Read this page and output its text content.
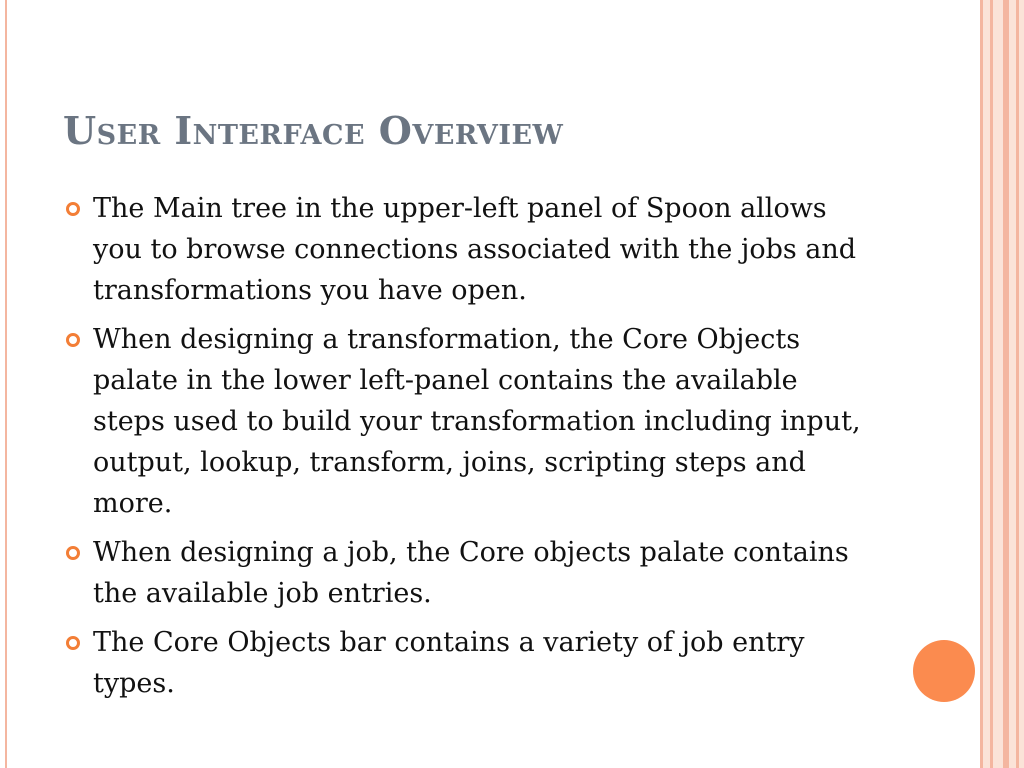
User Interface Overview
The Main tree in the upper-left panel of Spoon allows you to browse connections associated with the jobs and transformations you have open.
When designing a transformation, the Core Objects palate in the lower left-panel contains the available steps used to build your transformation including input, output, lookup, transform, joins, scripting steps and more.
When designing a job, the Core objects palate contains the available job entries.
The Core Objects bar contains a variety of job entry types.
